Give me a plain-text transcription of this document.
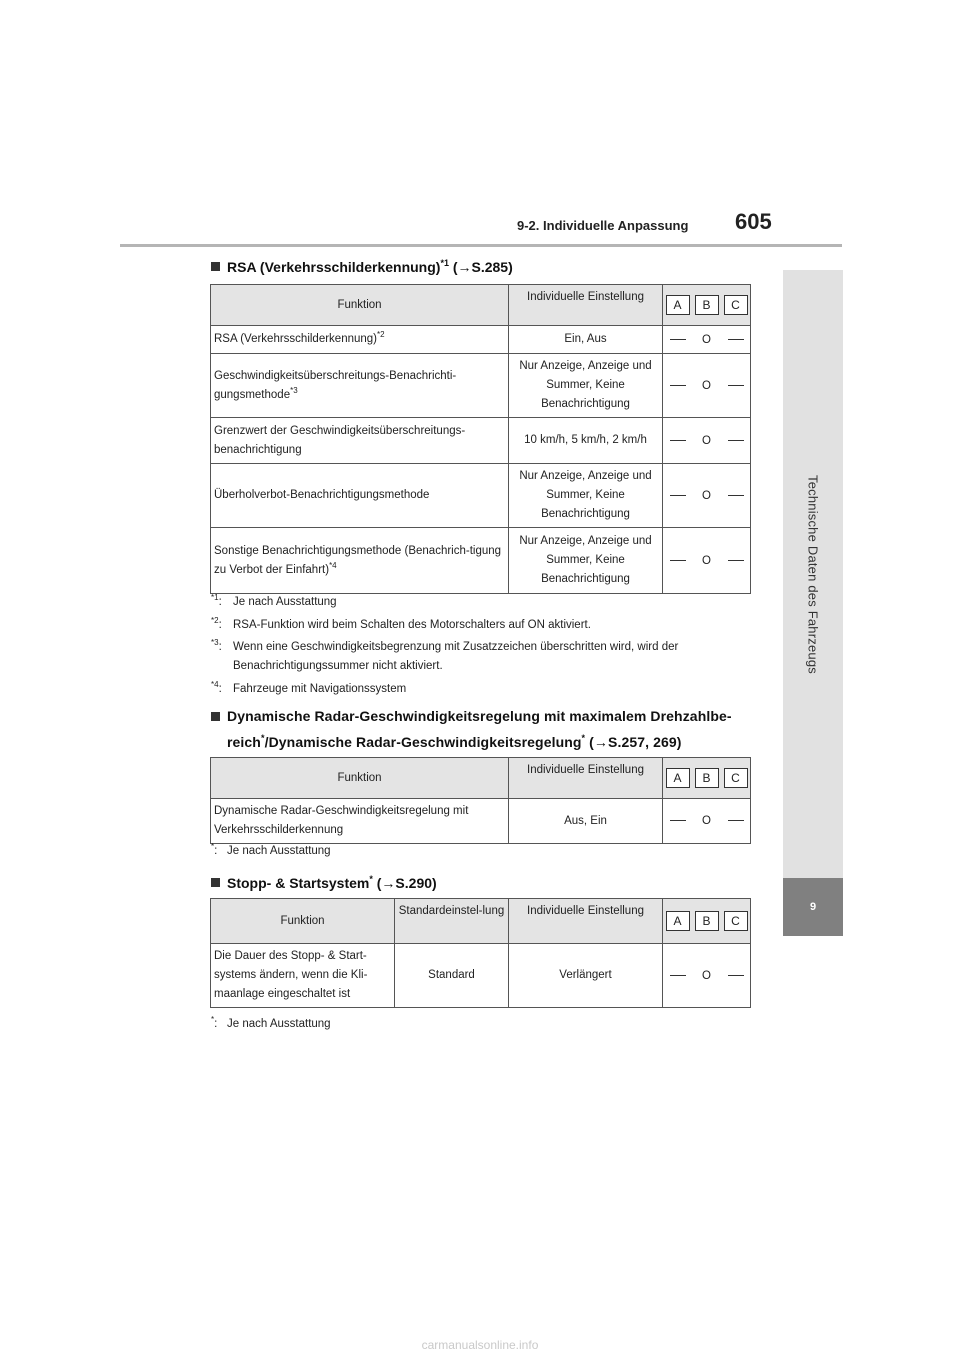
9-2. Individuelle Anpassung 605
Technische Daten des Fahrzeugs
9
RSA (Verkehrsschilderkennung)$^{*1}$ (→S.285)
Funktion	Individuelle Einstellung	A	B	C
RSA (Verkehrsschilderkennung)$^{*2}$	Ein, Aus		O	
Geschwindigkeitsüberschreitungs-Benachrichti-gungsmethode$^{*3}$	Nur Anzeige, Anzeige und Summer, Keine Benachrichtigung		O	
Grenzwert der Geschwindigkeitsüberschreitungs-benachrichtigung	10 km/h, 5 km/h, 2 km/h		O	
Überholverbot-Benachrichtigungsmethode	Nur Anzeige, Anzeige und Summer, Keine Benachrichtigung		O	
Sonstige Benachrichtigungsmethode (Benachrich-tigung zu Verbot der Einfahrt)$^{*4}$	Nur Anzeige, Anzeige und Summer, Keine Benachrichtigung		O	
$^{*1}$: Je nach Ausstattung
$^{*2}$: RSA-Funktion wird beim Schalten des Motorschalters auf ON aktiviert.
$^{*3}$: Wenn eine Geschwindigkeitsbegrenzung mit Zusatzzeichen überschritten wird, wird der Benachrichtigungssummer nicht aktiviert.
$^{*4}$: Fahrzeuge mit Navigationssystem
Dynamische Radar-Geschwindigkeitsregelung mit maximalem Drehzahlbe-reich*/Dynamische Radar-Geschwindigkeitsregelung* (→S.257, 269)
Funktion	Individuelle Einstellung	A	B	C
Dynamische Radar-Geschwindigkeitsregelung mit Verkehrsschilderkennung	Aus, Ein		O	
*: Je nach Ausstattung
Stopp- & Startsystem* (→S.290)
Funktion	Standardeinstel-lung	Individuelle Einstellung	A	B	C
Die Dauer des Stopp- & Start-systems ändern, wenn die Kli-maanlage eingeschaltet ist	Standard	Verlängert		O	
*: Je nach Ausstattung
carmanualsonline.info
